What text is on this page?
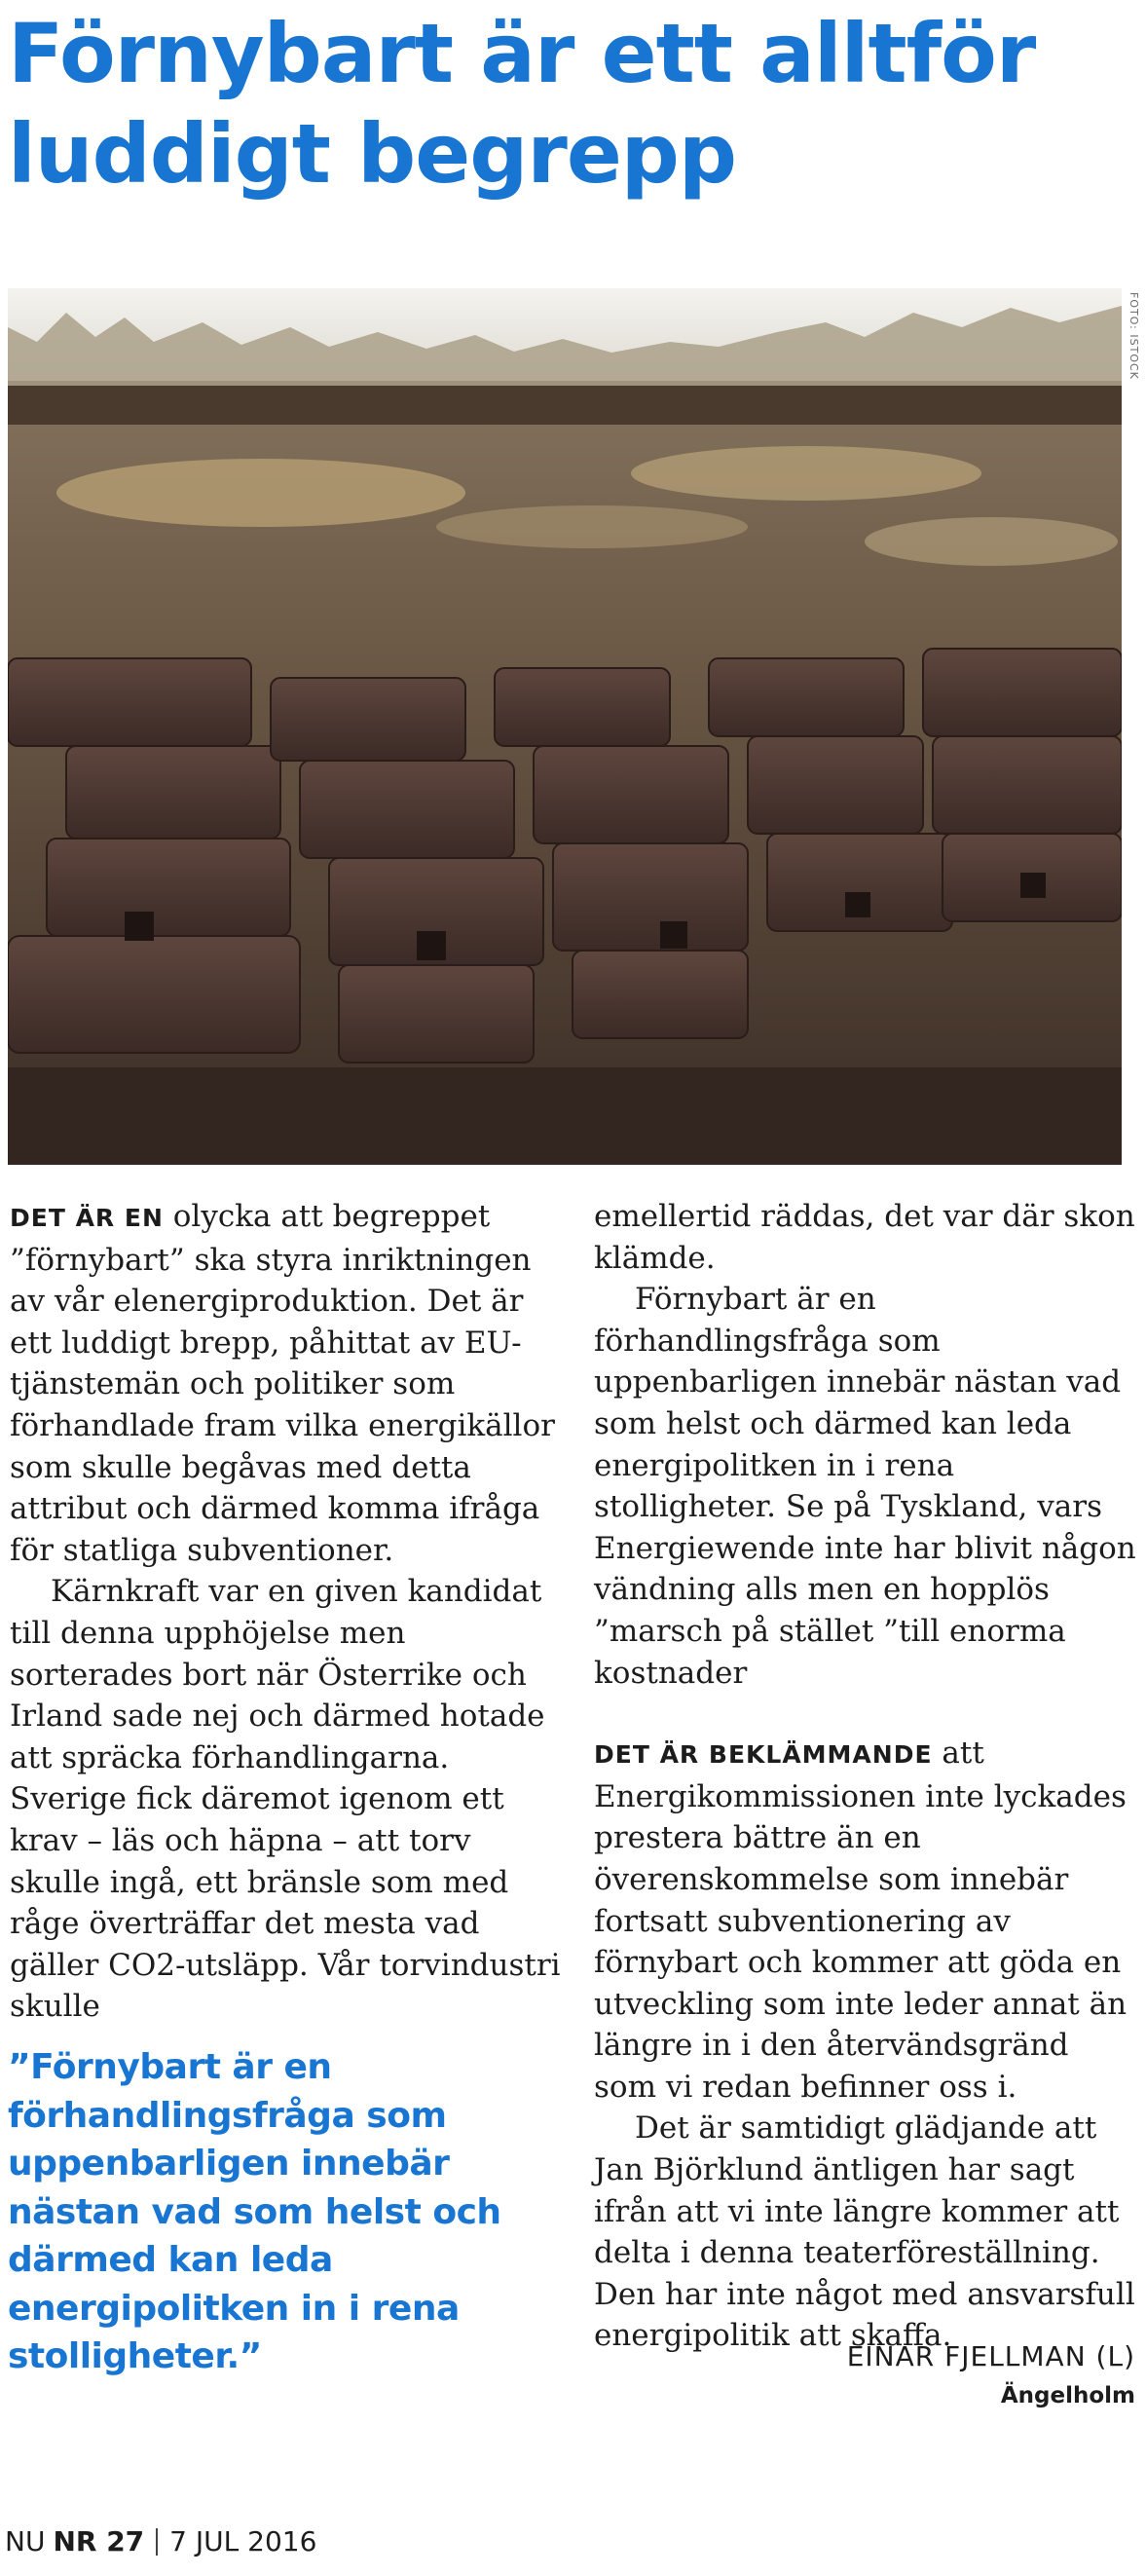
Förnybart är ett alltför luddigt begrepp
FOTO: ISTOCK

DET ÄR EN olycka att begreppet ”förnybart” ska styra inriktningen av vår elenergiproduktion. Det är ett luddigt brepp, påhittat av EU-tjänstemän och politiker som förhandlade fram vilka energikällor som skulle begåvas med detta attribut och därmed komma ifråga för statliga subventioner.

Kärnkraft var en given kandidat till denna upphöjelse men sorterades bort när Österrike och Irland sade nej och därmed hotade att spräcka förhandlingarna. Sverige fick däremot igenom ett krav – läs och häpna – att torv skulle ingå, ett bränsle som med råge överträffar det mesta vad gäller CO2-utsläpp. Vår torvindustri skulle

”Förnybart är en förhandlingsfråga som uppenbarligen innebär nästan vad som helst och därmed kan leda energipolitken in i rena stolligheter.”

emellertid räddas, det var där skon klämde.

Förnybart är en förhandlingsfråga som uppenbarligen innebär nästan vad som helst och därmed kan leda energipolitken in i rena stolligheter. Se på Tyskland, vars Energiewende inte har blivit någon vändning alls men en hopplös ”marsch på stället ”till enorma kostnader

DET ÄR BEKLÄMMANDE att Energikommissionen inte lyckades prestera bättre än en överenskommelse som innebär fortsatt subventionering av förnybart och kommer att göda en utveckling som inte leder annat än längre in i den återvändsgränd som vi redan befinner oss i.

Det är samtidigt glädjande att Jan Björklund äntligen har sagt ifrån att vi inte längre kommer att delta i denna teaterföreställning. Den har inte något med ansvarsfull energipolitik att skaffa.

EINAR FJELLMAN (L)
Ängelholm
NU NR 27 7 JUL 2016
